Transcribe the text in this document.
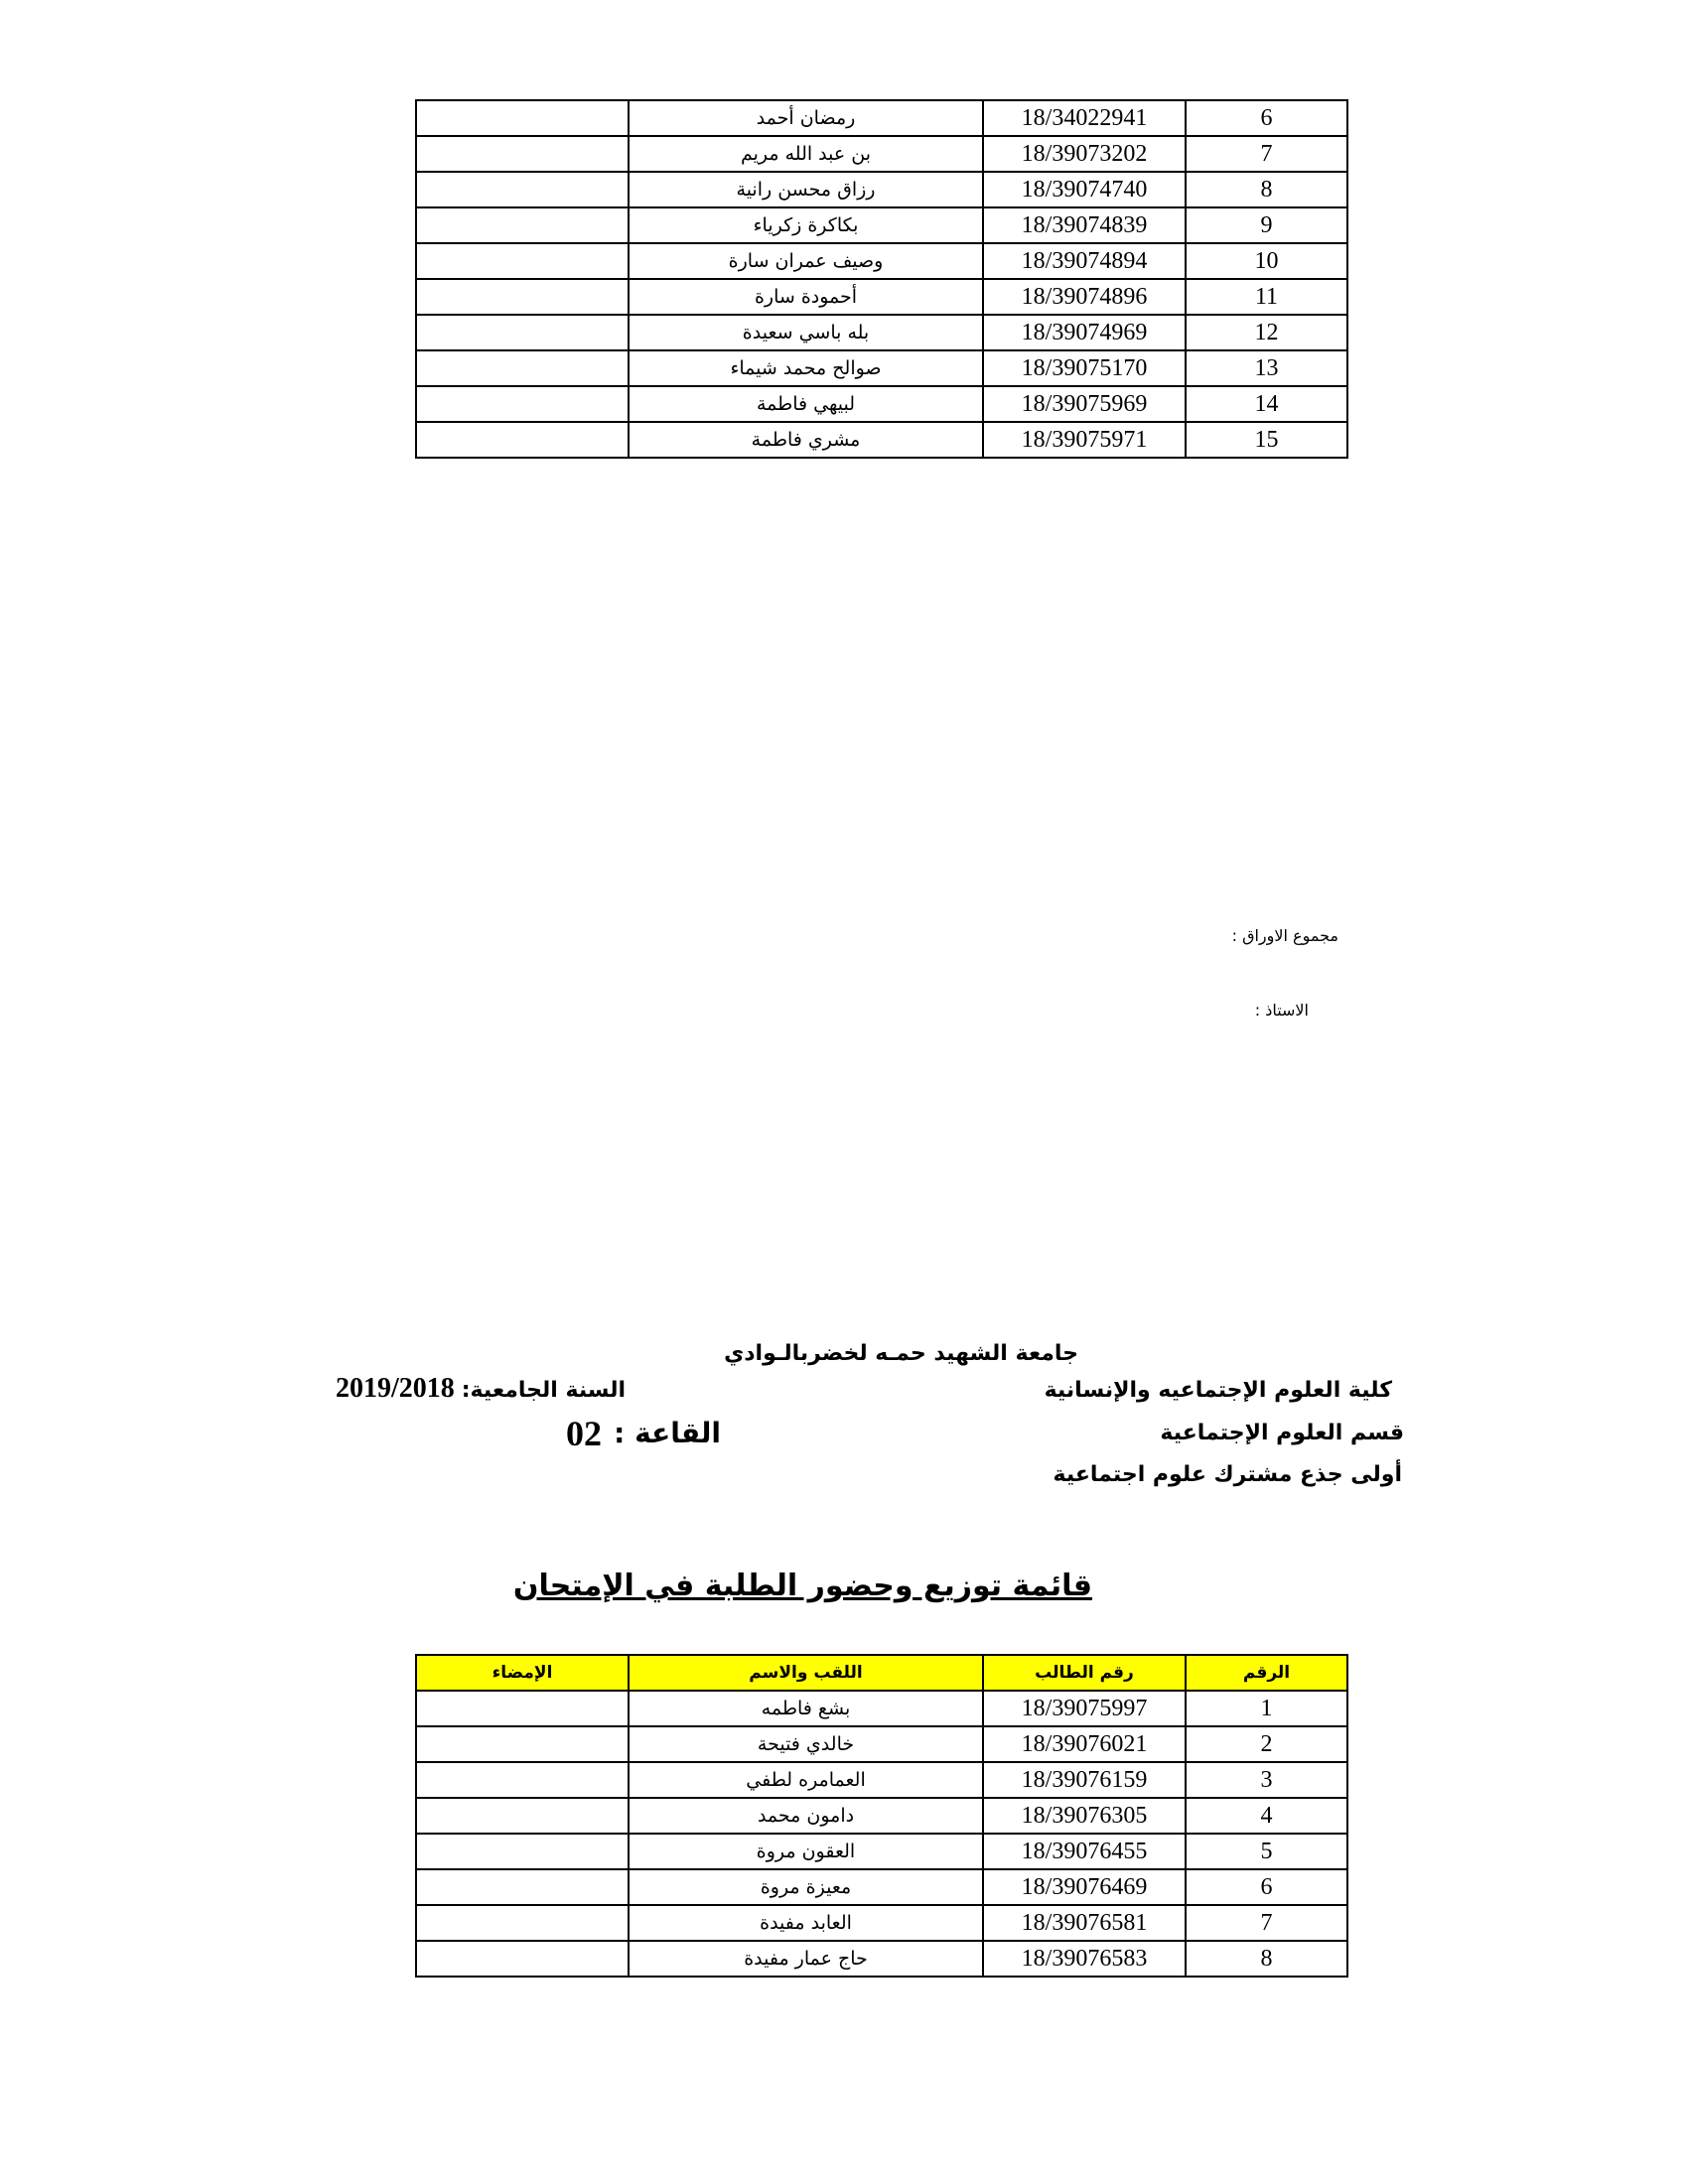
6	18/34022941	رمضان أحمد	
7	18/39073202	بن عبد الله مريم	
8	18/39074740	رزاق محسن رانية	
9	18/39074839	بكاكرة زكرياء	
10	18/39074894	وصيف عمران سارة	
11	18/39074896	أحمودة سارة	
12	18/39074969	بله باسي سعيدة	
13	18/39075170	صوالح محمد شيماء	
14	18/39075969	لبيهي فاطمة	
15	18/39075971	مشري فاطمة	
مجموع الاوراق :
الاستاذ :
جامعة الشهيد حمـه لخضربالـوادي
كلية العلوم الإجتماعيه والإنسانية
السنة الجامعية:
2019/2018
قسم العلوم الإجتماعية
القاعة :
02
أولى جذع مشترك علوم اجتماعية
قائمة توزيع وحضور الطلبة في الإمتحان
الرقم	رقم الطالب	اللقب والاسم	الإمضاء
1	18/39075997	بشع فاطمه	
2	18/39076021	خالدي فتيحة	
3	18/39076159	العمامره لطفي	
4	18/39076305	دامون محمد	
5	18/39076455	العقون مروة	
6	18/39076469	معيزة مروة	
7	18/39076581	العابد مفيدة	
8	18/39076583	حاج عمار مفيدة	
